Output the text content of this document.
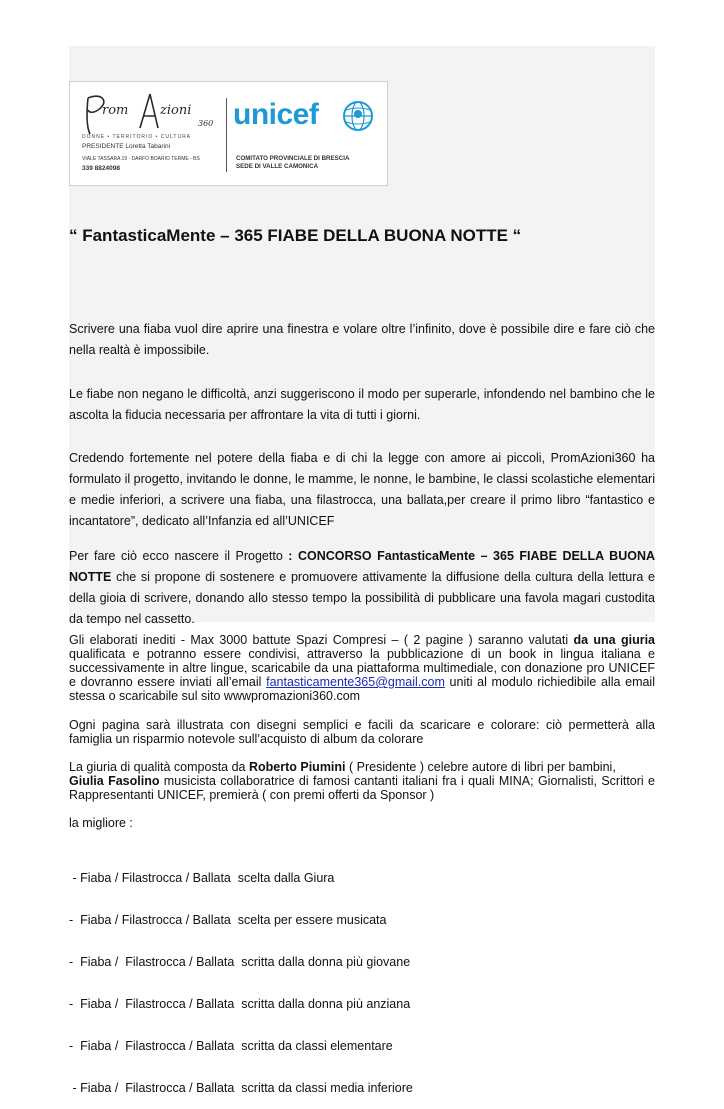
rom zioni
360
DONNE • TERRITORIO • CULTURA
PRESIDENTE Loretta Tabarini
VIALE TASSARA 19 · DARFO BOARIO TERME - BS
339 8824098
unicef
COMITATO PROVINCIALE DI BRESCIA
SEDE DI VALLE CAMONICA
“ FantasticaMente – 365 FIABE DELLA BUONA NOTTE “
Scrivere una fiaba vuol dire aprire una finestra e volare oltre l’infinito, dove è possibile dire e fare ciò che nella realtà è impossibile.
Le fiabe non negano le difficoltà, anzi suggeriscono il modo per superarle, infondendo nel bambino che le ascolta la fiducia necessaria per affrontare la vita di tutti i giorni.
Credendo fortemente nel potere della fiaba e di chi la legge con amore ai piccoli, PromAzioni360 ha formulato il progetto, invitando le donne, le mamme, le nonne, le bambine, le classi scolastiche elementari e medie inferiori, a scrivere una fiaba, una filastrocca, una ballata,per creare il primo libro “fantastico e incantatore”, dedicato all’Infanzia ed all’UNICEF
Per fare ciò ecco nascere il Progetto : CONCORSO FantasticaMente – 365 FIABE DELLA BUONA NOTTE che si propone di sostenere e promuovere attivamente la diffusione della cultura della lettura e della gioia di scrivere, donando allo stesso tempo la possibilità di pubblicare una favola magari custodita da tempo nel cassetto.
Gli elaborati inediti - Max 3000 battute Spazi Compresi – ( 2 pagine ) saranno valutati da una giuria qualificata e potranno essere condivisi, attraverso la pubblicazione di un book in lingua italiana e successivamente in altre lingue, scaricabile da una piattaforma multimediale, con donazione pro UNICEF e dovranno essere inviati all’email fantasticamente365@gmail.com uniti al modulo richiedibile alla email stessa o scaricabile sul sito wwwpromazioni360.com
Ogni pagina sarà illustrata con disegni semplici e facili da scaricare e colorare: ciò permetterà alla famiglia un risparmio notevole sull’acquisto di album da colorare
La giuria di qualità composta da Roberto Piumini ( Presidente ) celebre autore di libri per bambini,
Giulia Fasolino musicista collaboratrice di famosi cantanti italiani fra i quali MINA; Giornalisti, Scrittori e Rappresentanti UNICEF, premierà ( con premi offerti da Sponsor )
la migliore :

- Fiaba / Filastrocca / Ballata  scelta dalla Giura

-  Fiaba / Filastrocca / Ballata  scelta per essere musicata

-  Fiaba /  Filastrocca / Ballata  scritta dalla donna più giovane

-  Fiaba /  Filastrocca / Ballata  scritta dalla donna più anziana

-  Fiaba /  Filastrocca / Ballata  scritta da classi elementare

- Fiaba /  Filastrocca / Ballata  scritta da classi media inferiore
